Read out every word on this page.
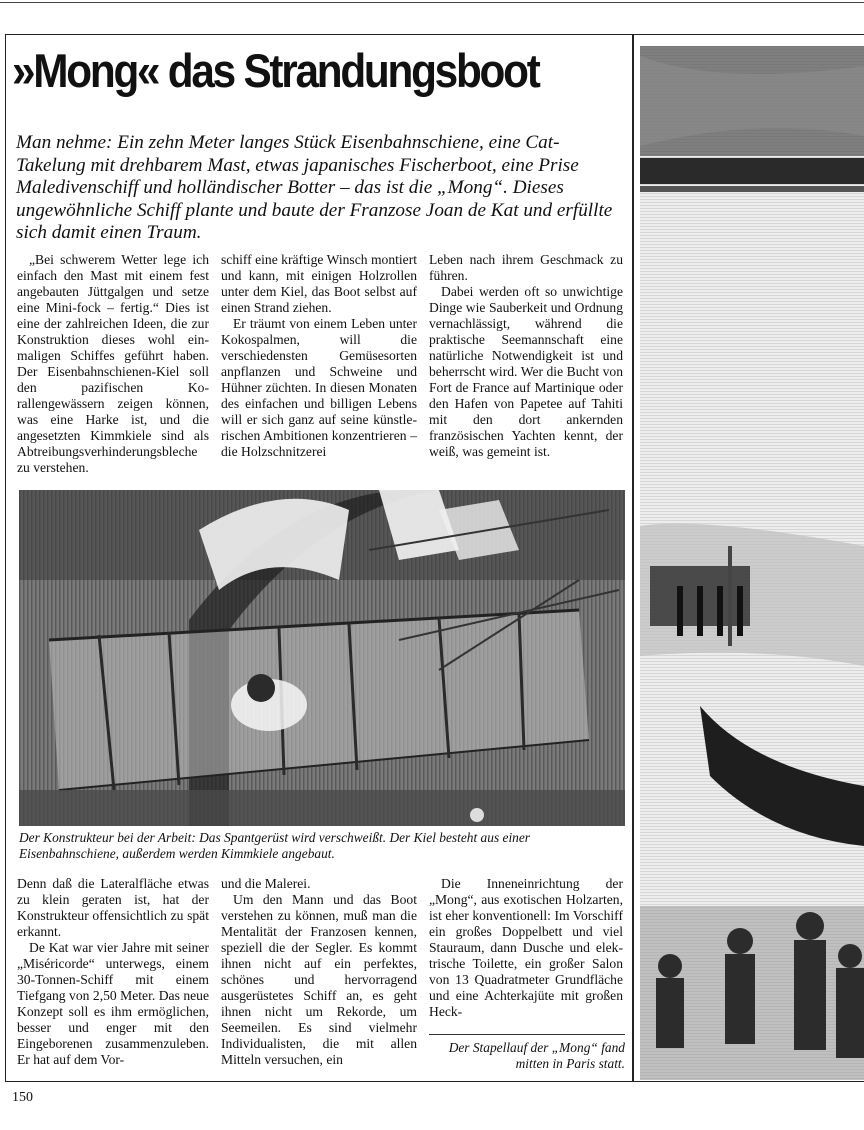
»Mong« das Strandungsboot
Man nehme: Ein zehn Meter langes Stück Eisenbahnschiene, eine Cat-Takelung mit drehbarem Mast, etwas japanisches Fischerboot, eine Prise Maledivenschiff und holländischer Botter – das ist die „Mong“. Dieses ungewöhnliche Schiff plante und baute der Franzose Joan de Kat und erfüllte sich damit einen Traum.

„Bei schwerem Wetter lege ich einfach den Mast mit einem fest angebauten Jüttgalgen und setze eine Mini-fock – fertig.“ Dies ist eine der zahlreichen Ideen, die zur Konstruktion dieses wohl einmaligen Schiffes geführt haben. Der Eisenbahnschienen-Kiel soll den pazifischen Korallengewässern zeigen können, was eine Harke ist, und die angesetzten Kimmkiele sind als Abtreibungsverhinderungsbleche zu verstehen.

schiff eine kräftige Winsch montiert und kann, mit einigen Holzrollen unter dem Kiel, das Boot selbst auf einen Strand ziehen.

Er träumt von einem Leben unter Kokospalmen, will die verschiedensten Gemüsesorten anpflanzen und Schweine und Hühner züchten. In diesen Monaten des einfachen und billigen Lebens will er sich ganz auf seine künstlerischen Ambitionen konzentrieren – die Holzschnitzerei

Leben nach ihrem Geschmack zu führen.

Dabei werden oft so unwichtige Dinge wie Sauberkeit und Ordnung vernachlässigt, während die praktische Seemannschaft eine natürliche Notwendigkeit ist und beherrscht wird. Wer die Bucht von Fort de France auf Martinique oder den Hafen von Papetee auf Tahiti mit den dort ankernden französischen Yachten kennt, der weiß, was gemeint ist.

Der Konstrukteur bei der Arbeit: Das Spantgerüst wird verschweißt. Der Kiel besteht aus einer Eisenbahnschiene, außerdem werden Kimmkiele angebaut.

Denn daß die Lateralfläche etwas zu klein geraten ist, hat der Konstrukteur offensichtlich zu spät erkannt.

De Kat war vier Jahre mit seiner „Miséricorde“ unterwegs, einem 30-Tonnen-Schiff mit einem Tiefgang von 2,50 Meter. Das neue Konzept soll es ihm ermöglichen, besser und enger mit den Eingeborenen zusammenzuleben. Er hat auf dem Vor-

und die Malerei.

Um den Mann und das Boot verstehen zu können, muß man die Mentalität der Franzosen kennen, speziell die der Segler. Es kommt ihnen nicht auf ein perfektes, schönes und hervorragend ausgerüstetes Schiff an, es geht ihnen nicht um Rekorde, um Seemeilen. Es sind vielmehr Individualisten, die mit allen Mitteln versuchen, ein

Die Inneneinrichtung der „Mong“, aus exotischen Holzarten, ist eher konventionell: Im Vorschiff ein großes Doppelbett und viel Stauraum, dann Dusche und elektrische Toilette, ein großer Salon von 13 Quadratmeter Grundfläche und eine Achterkajüte mit großen Heck-

Der Stapellauf der „Mong“ fand mitten in Paris statt.
150
